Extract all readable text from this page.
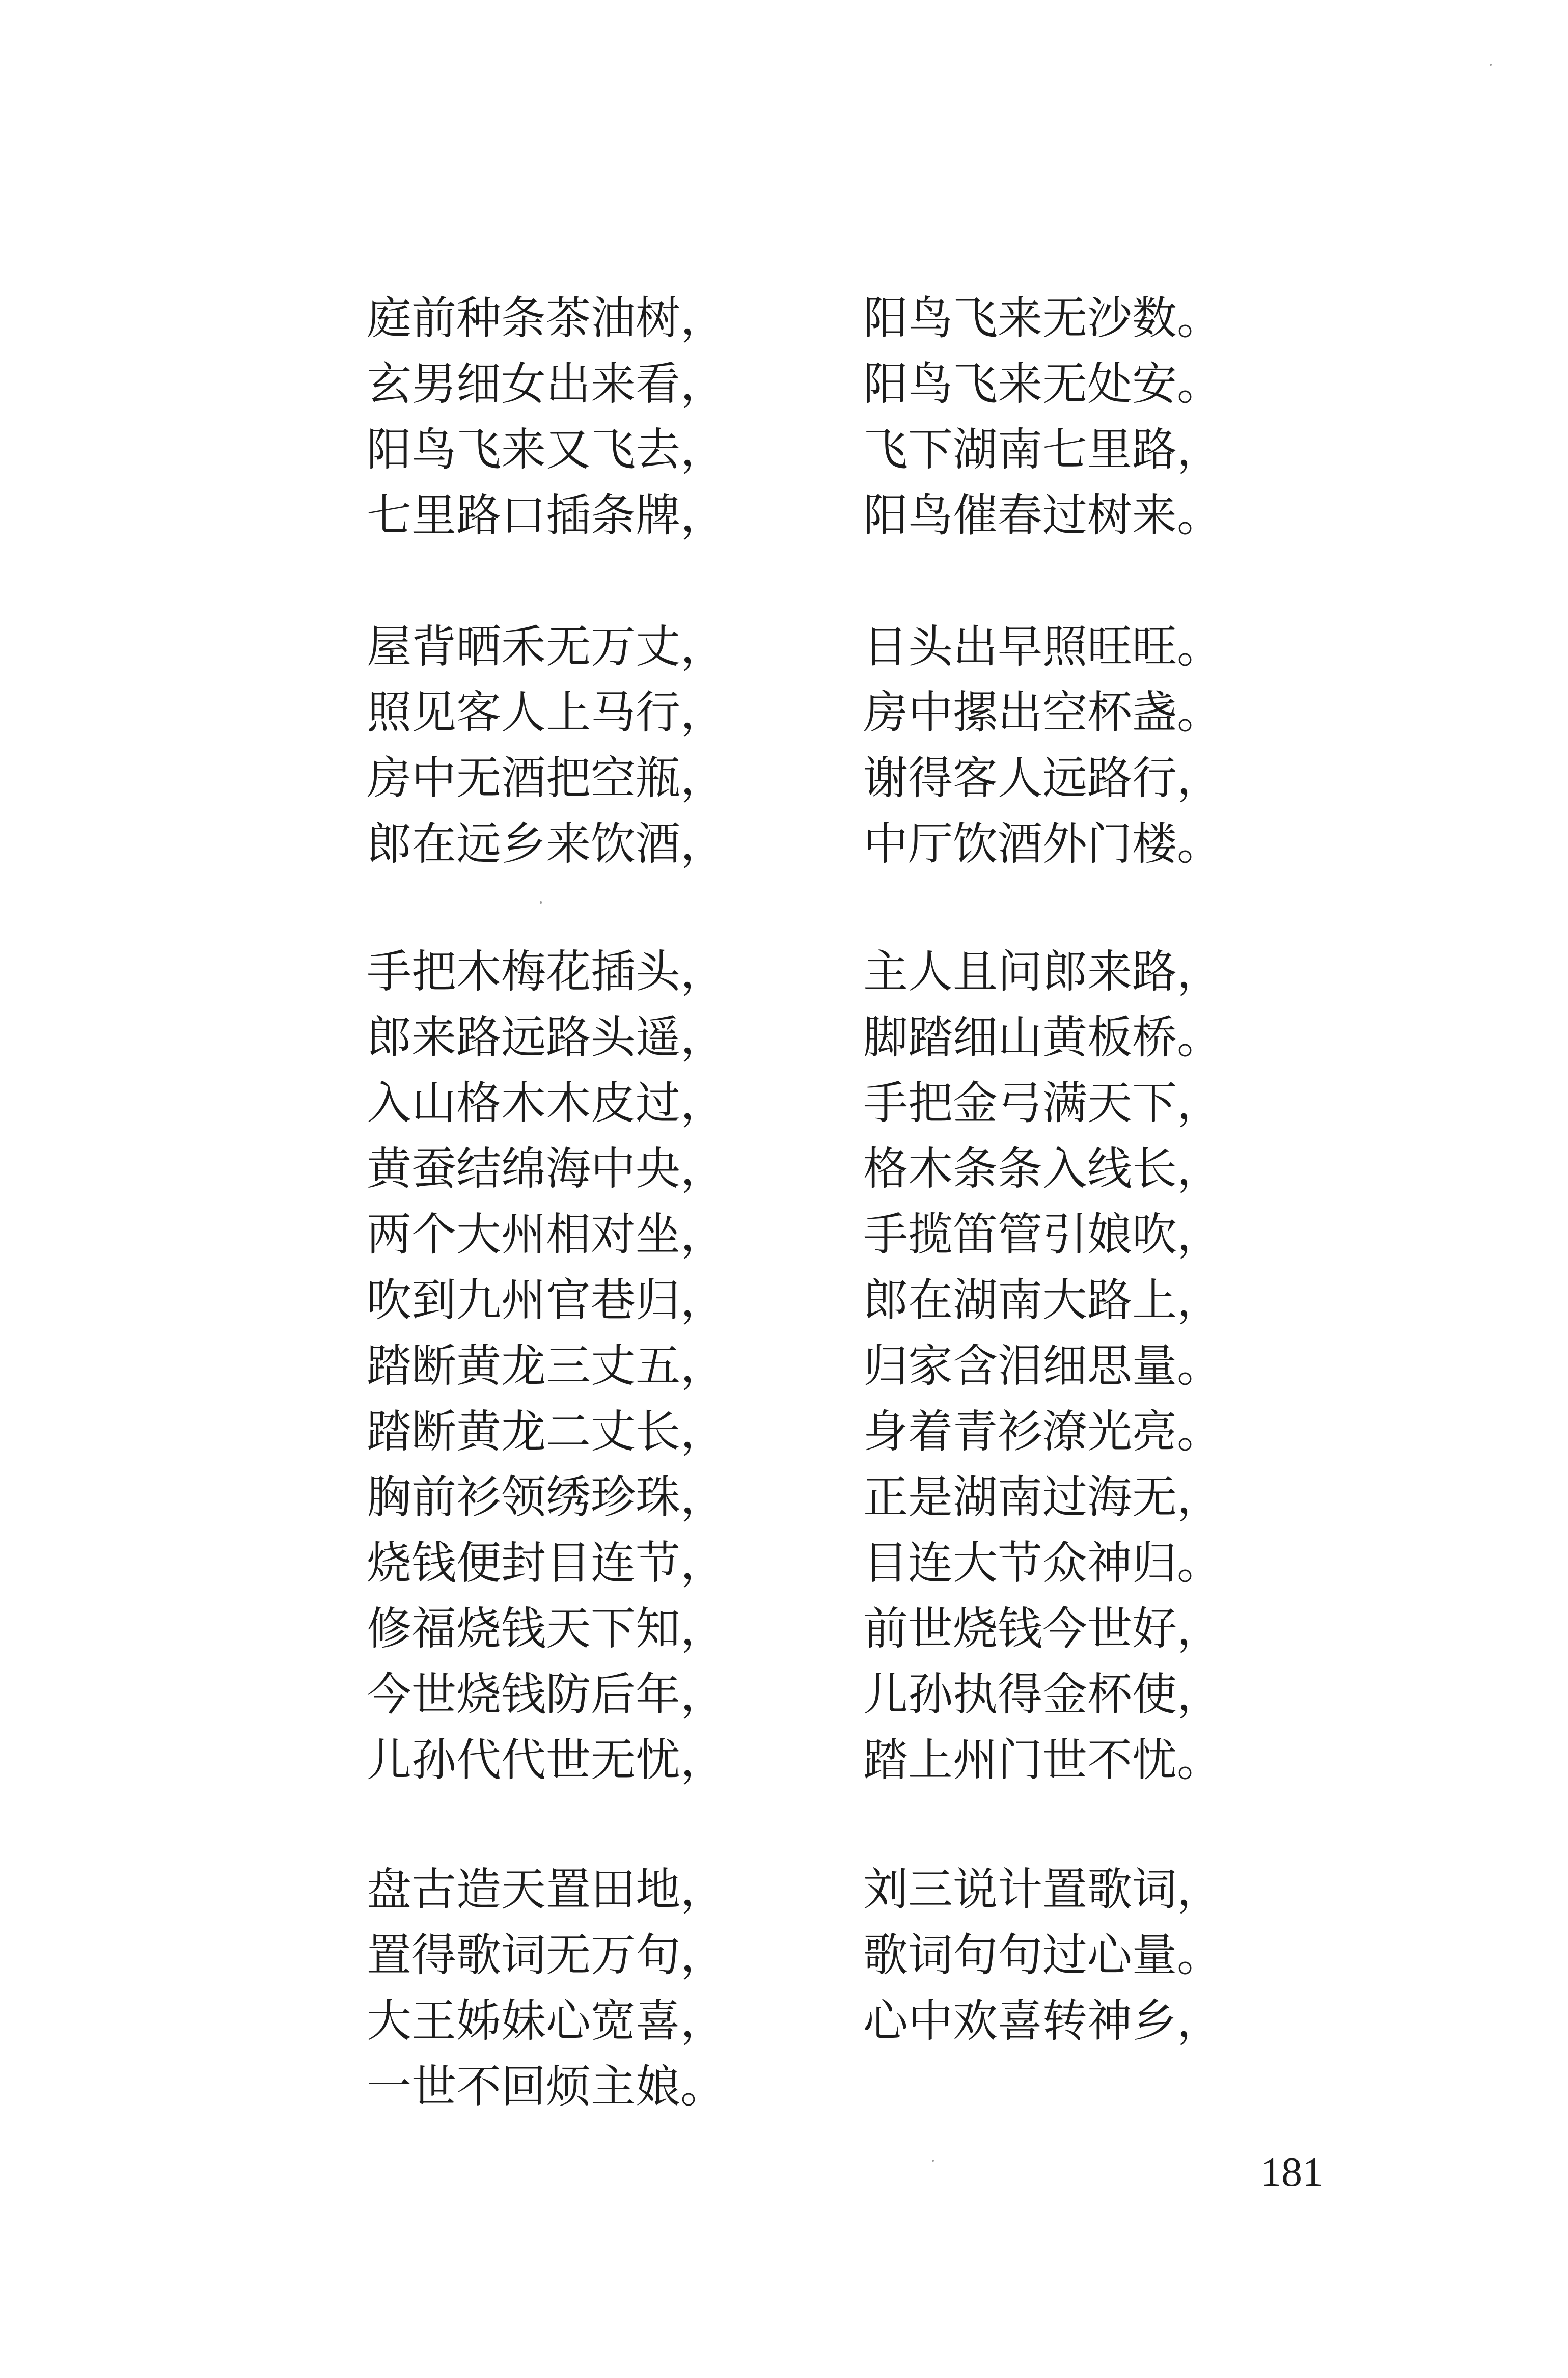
庭前种条茶油树，	阳鸟飞来无沙数。
玄男细女出来看，	阳鸟飞来无处安。
阳鸟飞来又飞去，	飞下湖南七里路，
七里路口插条牌，	阳鸟催春过树来。
屋背晒禾无万丈，	日头出早照旺旺。
照见客人上马行，	房中摞出空杯盏。
房中无酒把空瓶，	谢得客人远路行，
郎在远乡来饮酒，	中厅饮酒外门楼。
手把木梅花插头，	主人且问郎来路，
郎来路远路头遥，	脚踏细山黄板桥。
入山格木木皮过，	手把金弓满天下，
黄蚕结绵海中央，	格木条条入线长，
两个大州相对坐，	手揽笛管引娘吹，
吹到九州官巷归，	郎在湖南大路上，
踏断黄龙三丈五，	归家含泪细思量。
踏断黄龙二丈长，	身着青衫潦光亮。
胸前衫领绣珍珠，	正是湖南过海无，
烧钱便封目连节，	目连大节众神归。
修福烧钱天下知，	前世烧钱今世好，
今世烧钱防后年，	儿孙执得金杯使，
儿孙代代世无忧，	踏上州门世不忧。
盘古造天置田地，	刘三说计置歌词，
置得歌词无万句，	歌词句句过心量。
大王姊妹心宽喜，	心中欢喜转神乡，
一世不回烦主娘。
181
